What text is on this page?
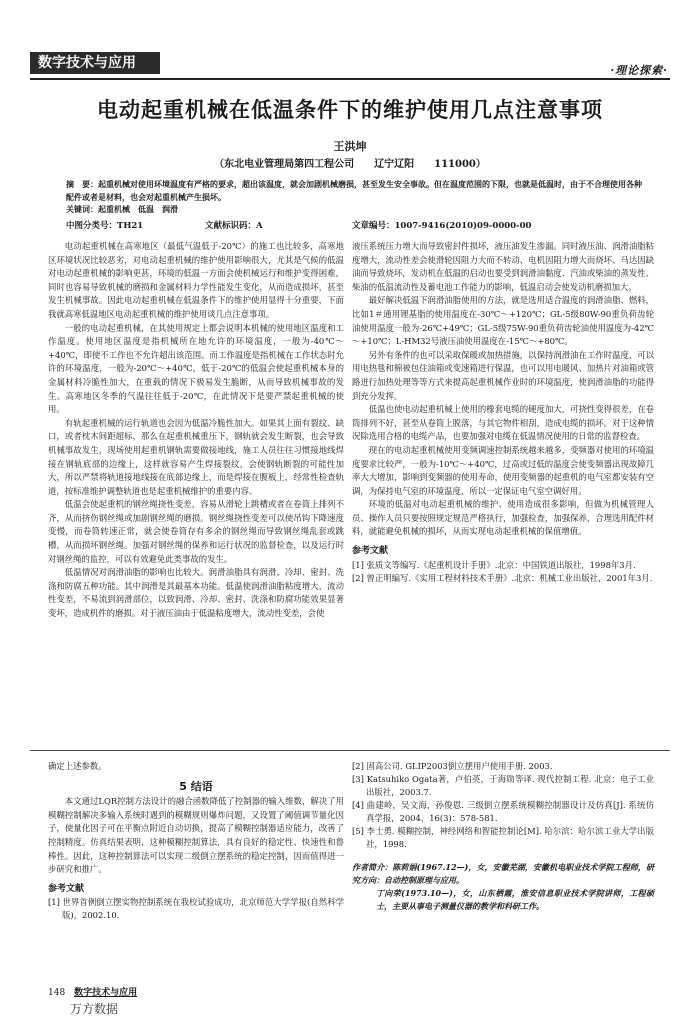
数字技术与应用	·理论探索·
电动起重机械在低温条件下的维护使用几点注意事项
王洪坤
（东北电业管理局第四工程公司　　辽宁辽阳　　111000）
摘　要：起重机械对使用环境温度有严格的要求，超出该温度，就会加剧机械磨损，甚至发生安全事故。但在温度范围的下限，也就是低温时，由于不合理使用各种配件或者是材料，也会对起重机械产生损坏。
关键词：起重机械　低温　润滑
中图分类号：TH21	文献标识码：A	文章编号：1007-9416(2010)09-0000-00

电动起重机械在高寒地区（最低气温低于-20℃）的施工也比较多，高寒地区环境状况比较恶劣，对电动起重机械的维护使用影响很大，尤其是气候的低温对电动起重机械的影响更甚，环境的低温一方面会使机械运行和维护变得困难，同时也容易导致机械的磨损和金属材料力学性能发生变化，从而造成损坏，甚至发生机械事故。因此电动起重机械在低温条件下的维护使用显得十分重要，下面我就高寒低温地区电动起重机械的维护使用谈几点注意事项。

一般的电动起重机械，在其使用规定上都会说明本机械的使用地区温度和工作温度。使用地区温度是指机械所在地允许的环境温度，一般为-40℃～+40℃，即使不工作也不允许超出该范围。而工作温度是指机械在工作状态时允许的环境温度，一般为-20℃～+40℃，低于-20℃的低温会使起重机械本身的金属材料冷脆性加大，在重载的情况下极易发生脆断，从而导致机械事故的发生。高寒地区冬季的气温往往低于-20℃，在此情况下是要严禁起重机械的使用。

有轨起重机械的运行轨道也会因为低温冷脆性加大。如果其上面有裂纹、缺口，或者枕木间距超标，那么在起重机械重压下，钢轨就会发生断裂，也会导致机械事故发生，现场使用起重机钢轨需要做接地线，施工人员往往习惯接地线焊接在钢轨底部的边缘上，这样就容易产生焊接裂纹，会使钢轨断裂的可能性加大，所以严禁将轨道接地线接在底部边缘上，而是焊接在腹板上，经常性检查轨道，按标准维护调整轨道也是起重机械维护的重要内容。

低温会使起重机的钢丝绳挠性变差，容易从滑轮上跳槽或者在卷筒上排列不齐，从而挤伤钢丝绳或加剧钢丝绳的磨损。钢丝绳挠性变差可以使吊钩下降速度变慢，而卷筒转速正常，就会使卷筒存有多余的钢丝绳而导致钢丝绳乱套或跳槽，从而损坏钢丝绳。加强对钢丝绳的保养和运行状况的监督检查，以及运行时对钢丝绳的监控，可以有效避免此类事故的发生。

低温情况对润滑油脂的影响也比较大。润滑油脂具有润滑、冷却、密封、洗涤和防腐五种功能。其中润滑是其最基本功能。低温使润滑油脂粘度增大，流动性变差，不易流到润滑部位，以致润滑、冷却、密封、洗涤和防腐功能效果显著变坏，造成机件的磨损。对于液压油由于低温粘度增大，流动性变差，会使

液压系统压力增大而导致密封件损坏，液压油发生渗漏。同时液压油、润滑油脂粘度增大，流动性差会使滑轮因阻力大而不转动、电机因阻力增大而烧坏、马达因缺油而导致烧坏，发动机在低温的启动也要受到润滑油黏度、汽油或柴油的蒸发性、柴油的低温流动性及蓄电池工作能力的影响，低温启动会使发动机磨损加大。

最好解决低温下润滑油脂使用的方法，就是选用适合温度的润滑油脂、燃料，比如1＃通用锂基脂的使用温度在-30℃～+120℃；GL-5级80W-90重负荷齿轮油使用温度一般为-26℃+49℃；GL-5级75W-90重负荷齿轮油使用温度为-42℃～+10℃；L-HM32号液压油使用温度在-15℃～+80℃。

另外有条件的也可以采取保暖或加热措施，以保持润滑油在工作时温度，可以用电热毯和棉被包住油箱或变速箱进行保温，也可以用电暖风、加热片对油箱或管路进行加热处理等等方式来提高起重机械作业时的环境温度，使润滑油脂的功能得到充分发挥。

低温也使电动起重机械上使用的橡套电缆的硬度加大，可挠性变得很差，在卷筒排列不好，甚至从卷筒上脱落，与其它物件相刮，造成电缆的损坏。对于这种情况除选用合格的电缆产品，也要加强对电缆在低温情况使用的日常的监督检查。

现在的电动起重机械使用变频调速控制系统越来越多，变频器对使用的环境温度要求比较严，一般为-10℃～+40℃，过高或过低的温度会使变频器出现故障几率大大增加，影响到变频器的使用寿命，使用变频器的起重机的电气室都安装有空调，为保持电气室的环境温度，所以一定保证电气室空调好用。

环境的低温对电动起重机械的维护、使用造成很多影响，但做为机械管理人员、操作人员只要按照规定规范严格执行，加强检查，加强保养，合理选用配件材料，就能避免机械的损坏，从而实现电动起重机械的保值增值。

参考文献
[1] 张质文等编写.《起重机设计手册》.北京：中国铁道出版社，1998年3月.
[2] 曾正明编写.《实用工程材料技术手册》.北京：机械工业出版社，2001年3月.
确定上述参数。
5 结语

本文通过LQR控制方法设计的融合函数降低了控制器的输入维数，解决了用模糊控制解决多输入系统时遇到的模糊规则爆炸问题，又设置了阈值调节量化因子，使量化因子可在平衡点附近自动切换，提高了模糊控制器适应能力，改善了控制精度。仿真结果表明，这种模糊控制算法，具有良好的稳定性、快速性和鲁棒性。因此，这种控制算法可以实现二级倒立摆系统的稳定控制，因而值得进一步研究和推广。

参考文献
[1] 世界首例倒立摆实物控制系统在我校试验成功，北京师范大学学报(自然科学版)，2002.10.
[2] 固高公司. GLIP2003倒立摆用户使用手册. 2003.
[3] Katsuhiko Ogata著，卢伯英，于海勋等译. 现代控制工程. 北京：电子工业出版社，2003.7.
[4] 曲建岭，吴文海，孙俊恩. 三级倒立摆系统模糊控制器设计及仿真[J]. 系统仿真学报，2004，16(3)：578-581.
[5] 李士勇. 模糊控制，神经网络和智能控制论[M]. 哈尔滨：哈尔滨工业大学出版社，1998.
作者简介：陈莉娟(1967.12—)，女，安徽芜湖，安徽机电职业技术学院工程师，研究方向：自动控制原理与应用。
丁向荣(1973.10—)，女，山东栖霞，淮安信息职业技术学院讲师，工程硕士，主要从事电子测量仪器的教学和科研工作。
148 数字技术与应用
万方数据
